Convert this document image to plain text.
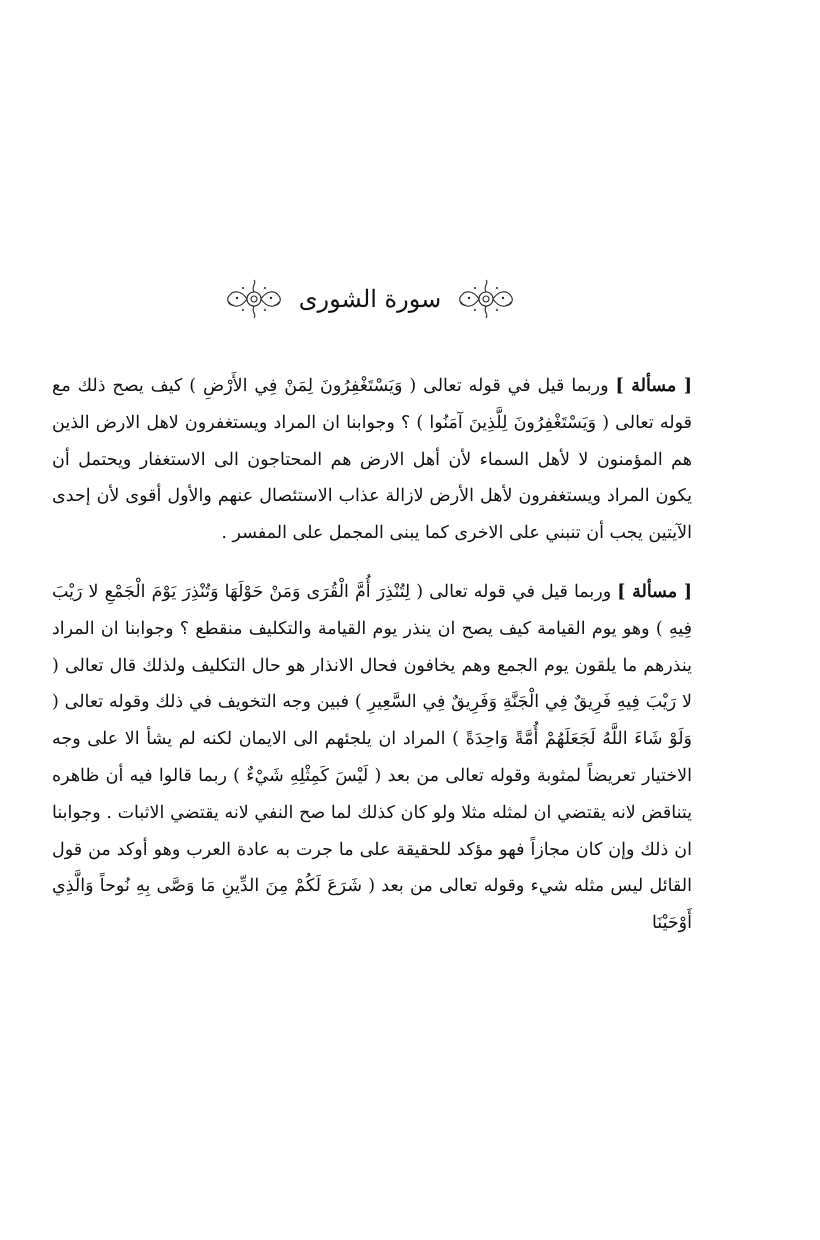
سورة الشورى

[ مسألة ] وربما قيل في قوله تعالى ( وَيَسْتَغْفِرُونَ لِمَنْ فِي الأَرْضِ ) كيف يصح ذلك مع قوله تعالى ( وَيَسْتَغْفِرُونَ لِلَّذِينَ آمَنُوا ) ؟ وجوابنا ان المراد ويستغفرون لاهل الارض الذين هم المؤمنون لا لأهل السماء لأن أهل الارض هم المحتاجون الى الاستغفار ويحتمل أن يكون المراد ويستغفرون لأهل الأرض لازالة عذاب الاستئصال عنهم والأول أقوى لأن إحدى الآيتين يجب أن تنبني على الاخرى كما يبنى المجمل على المفسر .

[ مسألة ] وربما قيل في قوله تعالى ( لِتُنْذِرَ أُمَّ الْقُرَى وَمَنْ حَوْلَهَا وَتُنْذِرَ يَوْمَ الْجَمْعِ لا رَيْبَ فِيهِ ) وهو يوم القيامة كيف يصح ان ينذر يوم القيامة والتكليف منقطع ؟ وجوابنا ان المراد ينذرهم ما يلقون يوم الجمع وهم يخافون فحال الانذار هو حال التكليف ولذلك قال تعالى ( لا رَيْبَ فِيهِ فَرِيقٌ فِي الْجَنَّةِ وَفَرِيقٌ فِي السَّعِيرِ ) فبين وجه التخويف في ذلك وقوله تعالى ( وَلَوْ شَاءَ اللَّهُ لَجَعَلَهُمْ أُمَّةً وَاحِدَةً ) المراد ان يلجئهم الى الايمان لكنه لم يشأ الا على وجه الاختيار تعريضاً لمثوبة وقوله تعالى من بعد ( لَيْسَ كَمِثْلِهِ شَيْءٌ ) ربما قالوا فيه أن ظاهره يتناقض لانه يقتضي ان لمثله مثلا ولو كان كذلك لما صح النفي لانه يقتضي الاثبات . وجوابنا ان ذلك وإن كان مجازاً فهو مؤكد للحقيقة على ما جرت به عادة العرب وهو أوكد من قول القائل ليس مثله شيء وقوله تعالى من بعد ( شَرَعَ لَكُمْ مِنَ الدِّينِ مَا وَصَّى بِهِ نُوحاً وَالَّذِي أَوْحَيْنَا
